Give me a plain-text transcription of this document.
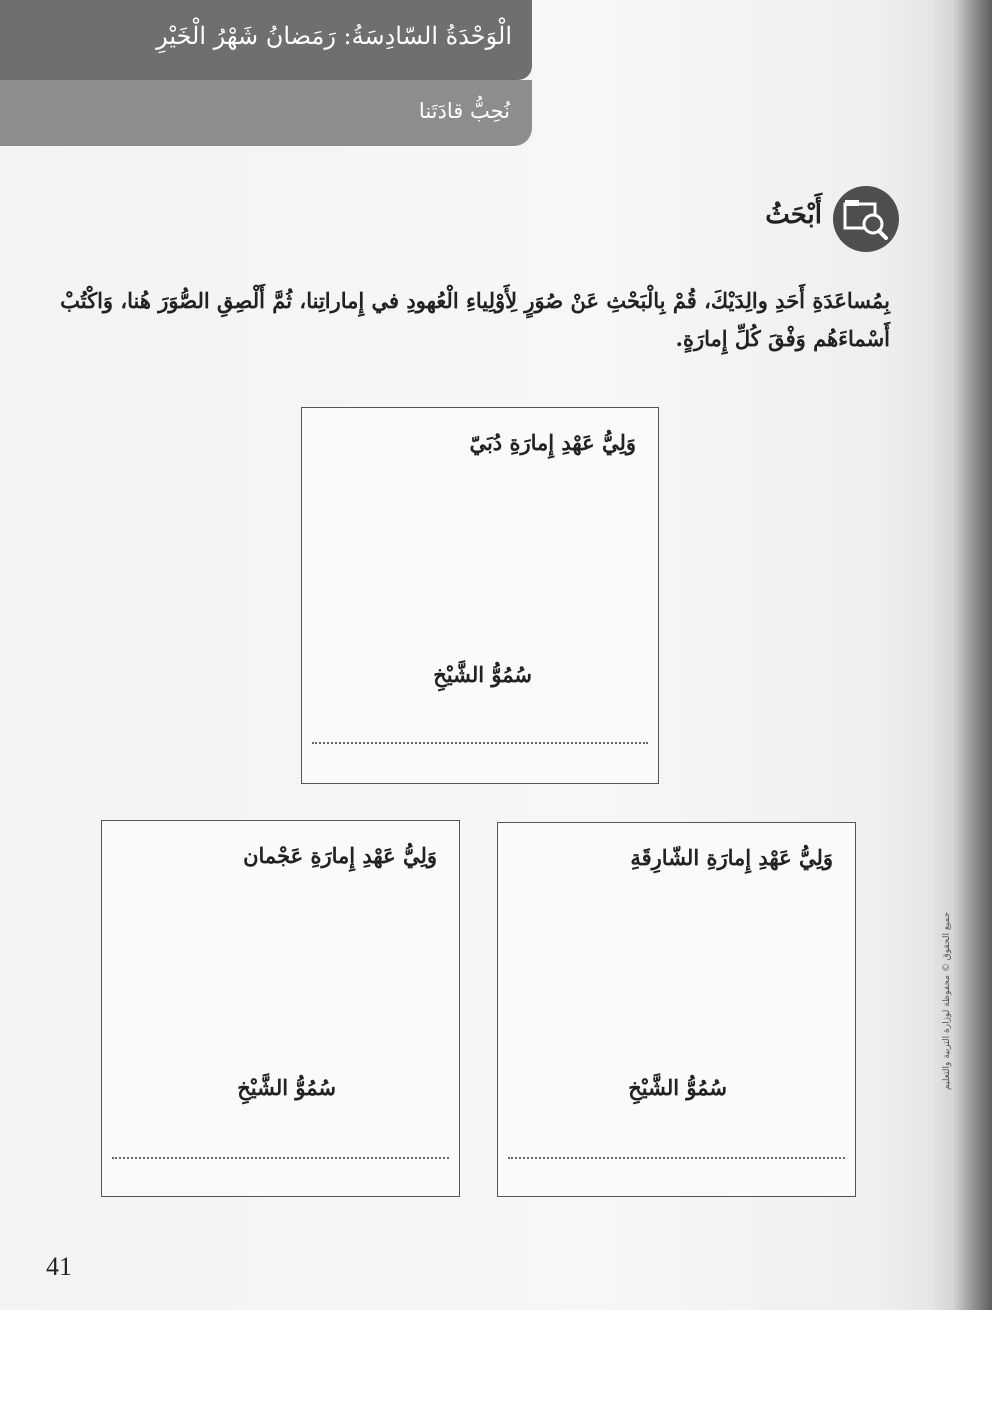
نُحِبُّ قادَتَنا
الْوَحْدَةُ السّادِسَةُ: رَمَضانُ شَهْرُ الْخَيْرِ
أَبْحَثُ
بِمُساعَدَةِ أَحَدِ والِدَيْكَ، قُمْ بِالْبَحْثِ عَنْ صُوَرٍ لِأَوْلِياءِ الْعُهودِ في إِماراتِنا، ثُمَّ أَلْصِقِ الصُّوَرَ هُنا، وَاكْتُبْ أَسْماءَهُم وَفْقَ كُلِّ إِمارَةٍ.
جميع الحقوق © محفوظة لوزارة التربية والتعليم
وَلِيُّ عَهْدِ إِمارَةِ دُبَيّ
سُمُوُّ الشَّيْخِ
وَلِيُّ عَهْدِ إِمارَةِ الشّارِقَةِ
سُمُوُّ الشَّيْخِ
وَلِيُّ عَهْدِ إِمارَةِ عَجْمان
سُمُوُّ الشَّيْخِ
41
